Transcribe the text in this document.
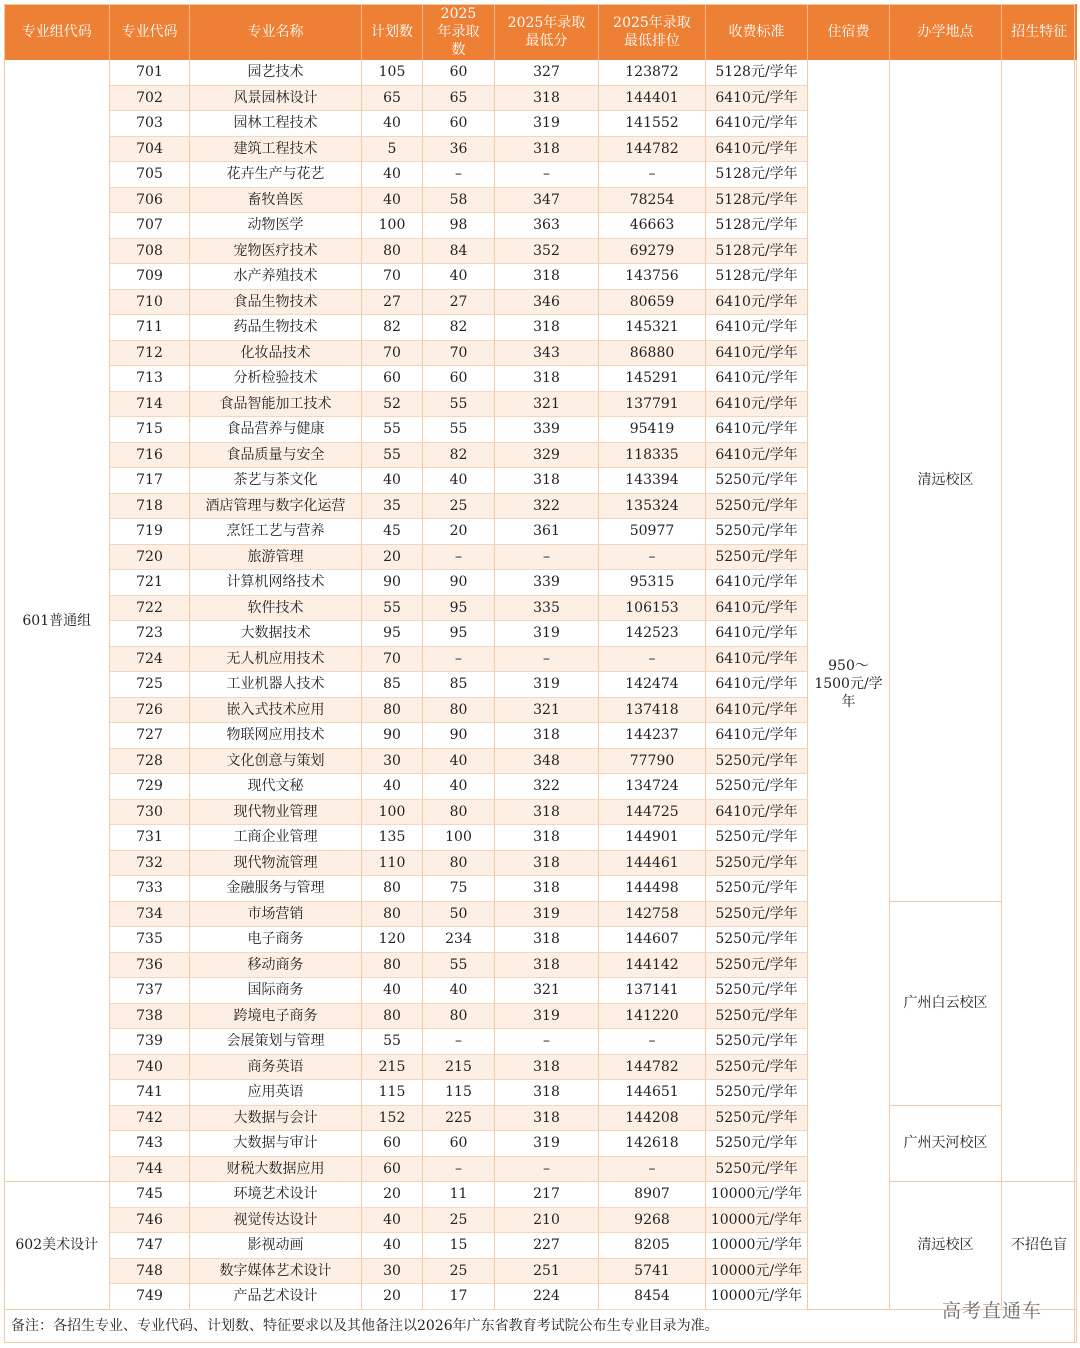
专业组代码	专业代码	专业名称	计划数	2025年录取数	2025年录取最低分	2025年录取最低排位	收费标准	住宿费	办学地点	招生特征
601普通组	701	园艺技术	105	60	327	123872	5128元/学年	950～1500元/学年	清远校区	
	702	风景园林设计	65	65	318	144401	6410元/学年			
	703	园林工程技术	40	60	319	141552	6410元/学年			
	704	建筑工程技术	5	36	318	144782	6410元/学年			
	705	花卉生产与花艺	40	–	–	–	5128元/学年			
	706	畜牧兽医	40	58	347	78254	5128元/学年			
	707	动物医学	100	98	363	46663	5128元/学年			
	708	宠物医疗技术	80	84	352	69279	5128元/学年			
	709	水产养殖技术	70	40	318	143756	5128元/学年			
	710	食品生物技术	27	27	346	80659	6410元/学年			
	711	药品生物技术	82	82	318	145321	6410元/学年			
	712	化妆品技术	70	70	343	86880	6410元/学年			
	713	分析检验技术	60	60	318	145291	6410元/学年			
	714	食品智能加工技术	52	55	321	137791	6410元/学年			
	715	食品营养与健康	55	55	339	95419	6410元/学年			
	716	食品质量与安全	55	82	329	118335	6410元/学年			
	717	茶艺与茶文化	40	40	318	143394	5250元/学年			
	718	酒店管理与数字化运营	35	25	322	135324	5250元/学年			
	719	烹饪工艺与营养	45	20	361	50977	5250元/学年			
	720	旅游管理	20	–	–	–	5250元/学年			
	721	计算机网络技术	90	90	339	95315	6410元/学年			
	722	软件技术	55	95	335	106153	6410元/学年			
	723	大数据技术	95	95	319	142523	6410元/学年			
	724	无人机应用技术	70	–	–	–	6410元/学年			
	725	工业机器人技术	85	85	319	142474	6410元/学年			
	726	嵌入式技术应用	80	80	321	137418	6410元/学年			
	727	物联网应用技术	90	90	318	144237	6410元/学年			
	728	文化创意与策划	30	40	348	77790	5250元/学年			
	729	现代文秘	40	40	322	134724	5250元/学年			
	730	现代物业管理	100	80	318	144725	6410元/学年			
	731	工商企业管理	135	100	318	144901	5250元/学年			
	732	现代物流管理	110	80	318	144461	5250元/学年			
	733	金融服务与管理	80	75	318	144498	5250元/学年			
	734	市场营销	80	50	319	142758	5250元/学年		广州白云校区	
	735	电子商务	120	234	318	144607	5250元/学年			
	736	移动商务	80	55	318	144142	5250元/学年			
	737	国际商务	40	40	321	137141	5250元/学年			
	738	跨境电子商务	80	80	319	141220	5250元/学年			
	739	会展策划与管理	55	–	–	–	5250元/学年			
	740	商务英语	215	215	318	144782	5250元/学年			
	741	应用英语	115	115	318	144651	5250元/学年			
	742	大数据与会计	152	225	318	144208	5250元/学年		广州天河校区	
	743	大数据与审计	60	60	319	142618	5250元/学年			
	744	财税大数据应用	60	–	–	–	5250元/学年			
602美术设计	745	环境艺术设计	20	11	217	8907	10000元/学年		清远校区	不招色盲
	746	视觉传达设计	40	25	210	9268	10000元/学年			
	747	影视动画	40	15	227	8205	10000元/学年			
	748	数字媒体艺术设计	30	25	251	5741	10000元/学年			
	749	产品艺术设计	20	17	224	8454	10000元/学年			
备注：各招生专业、专业代码、计划数、特征要求以及其他备注以2026年广东省教育考试院公布生专业目录为准。										
高考直通车
